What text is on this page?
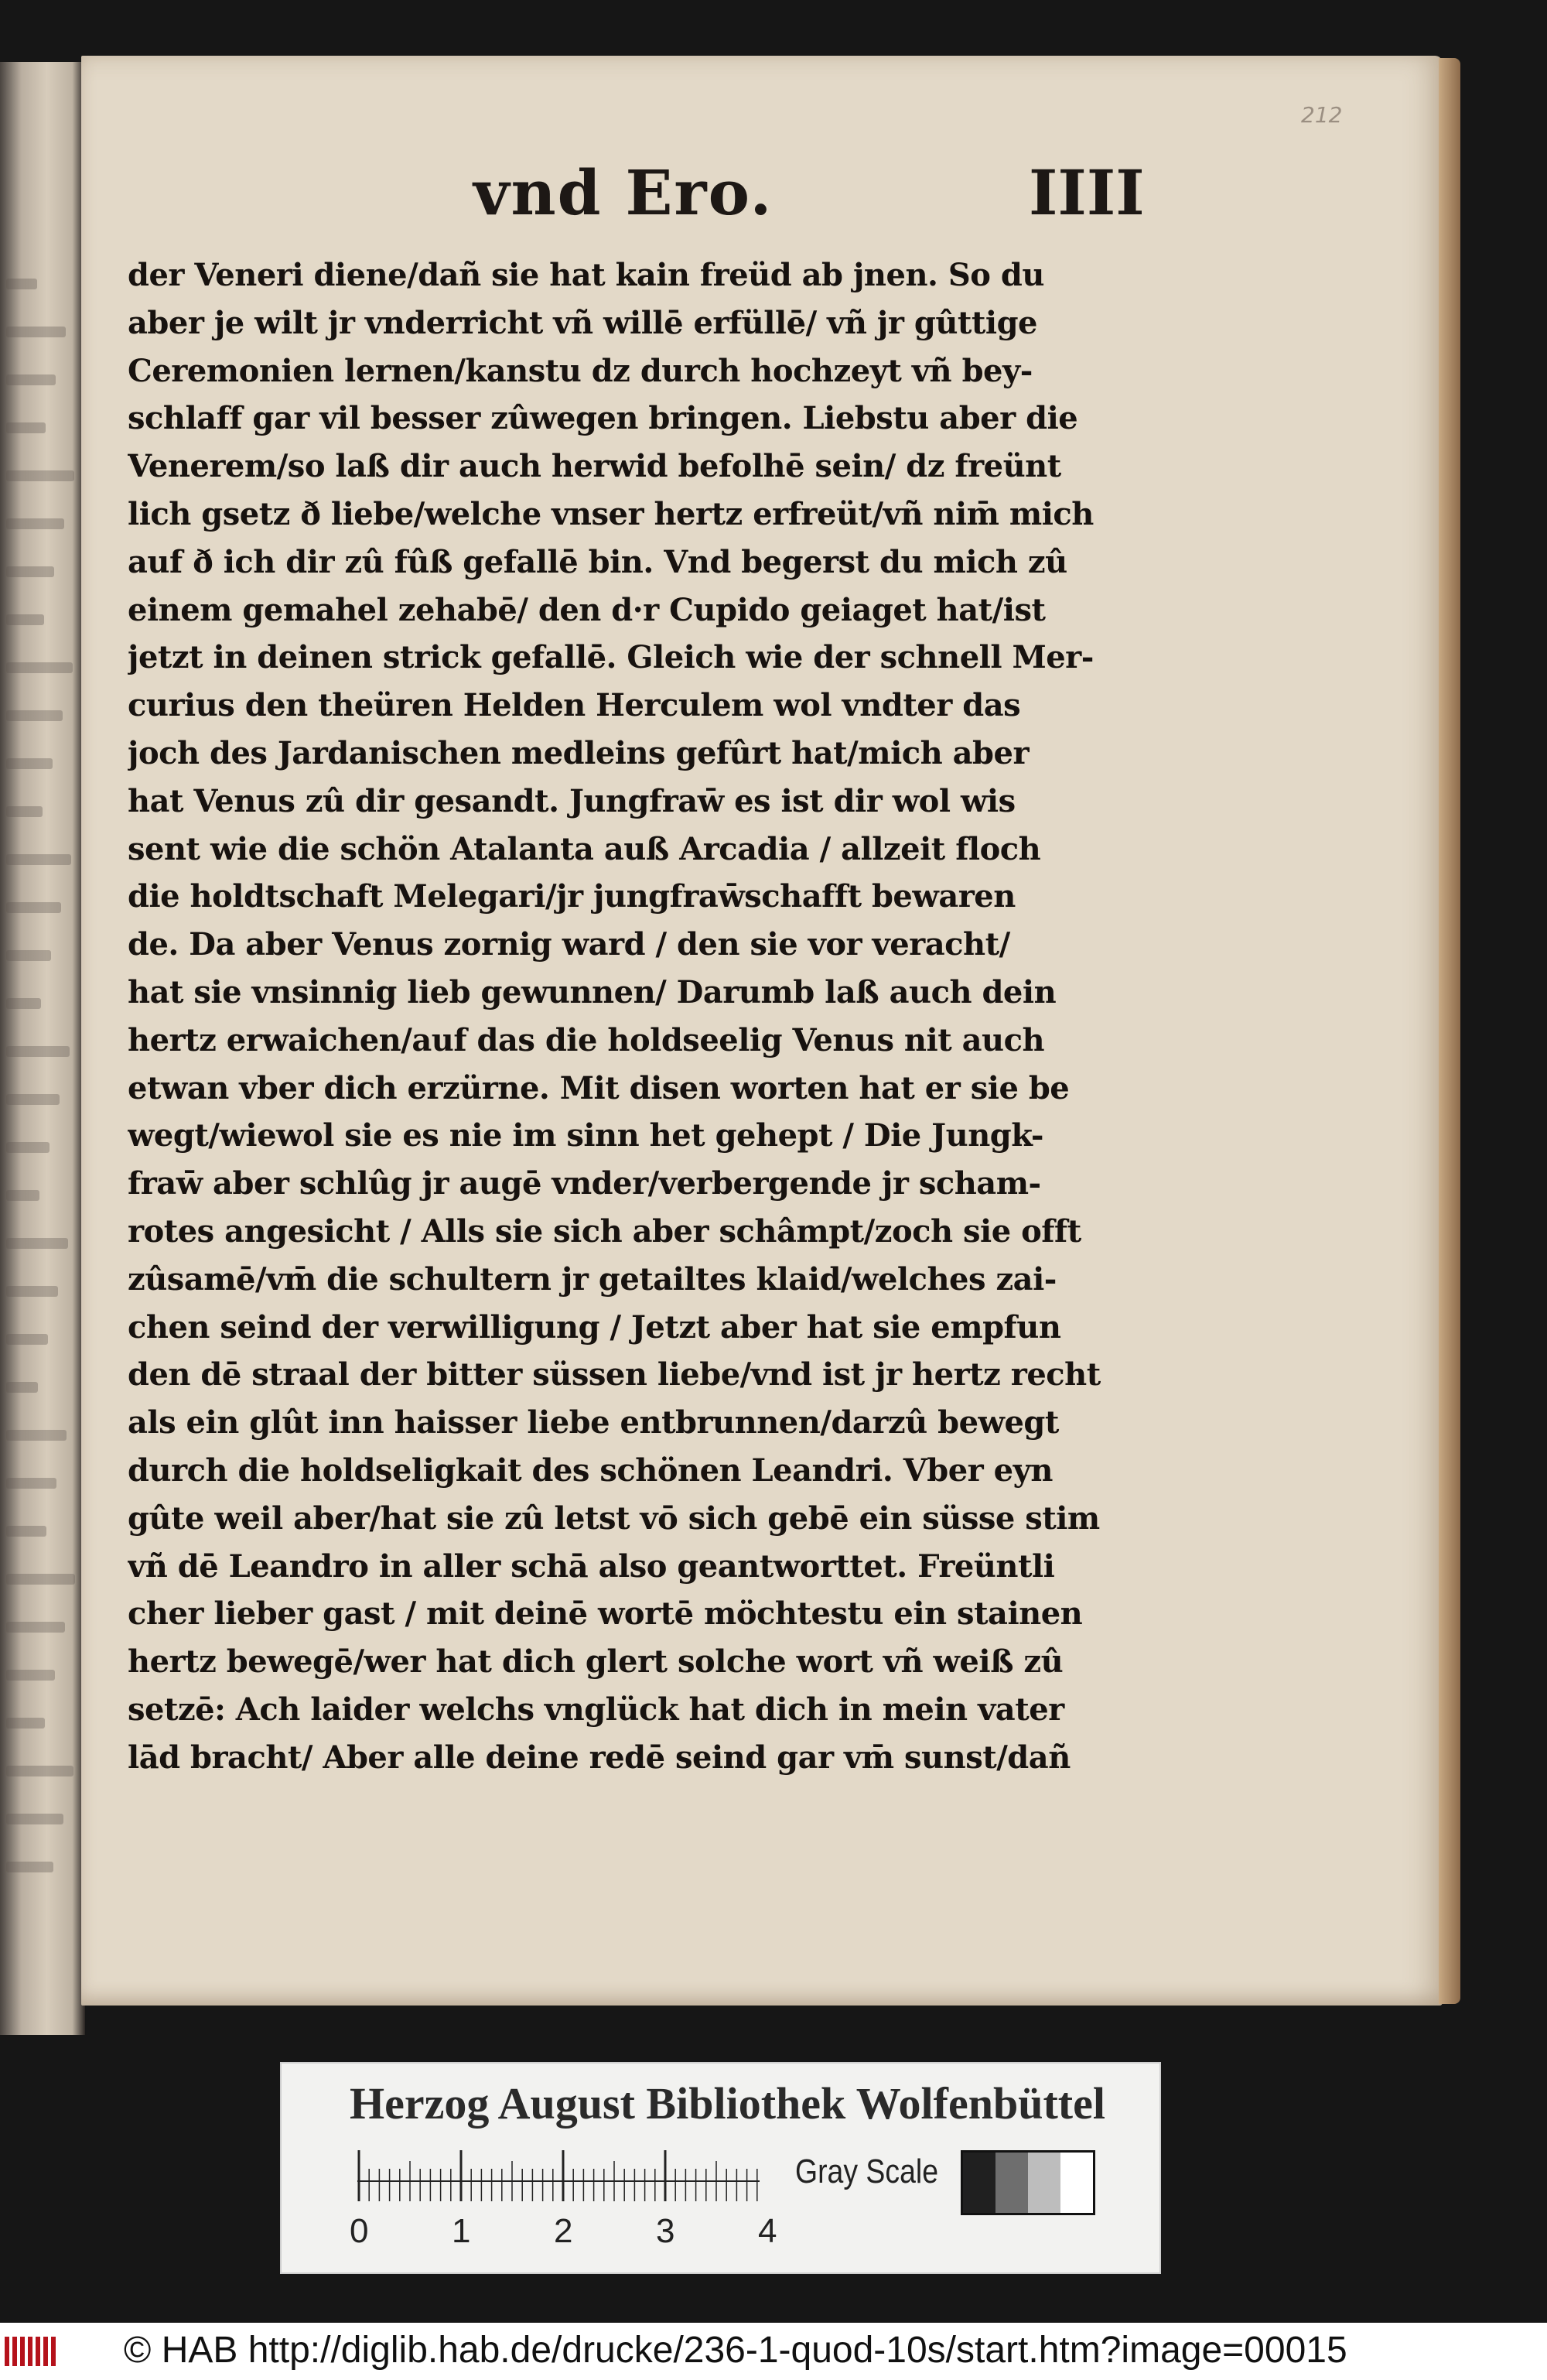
212
vnd Ero.	IIII
der Veneri diene/dañ sie hat kain freüd ab jnen. So du
aber je wilt jr vnderricht vñ willē erfüllē/ vñ jr gûttige
Ceremonien lernen/kanstu dz durch hochzeyt vñ bey-
schlaff gar vil besser zûwegen bringen. Liebstu aber die
Venerem/so laß dir auch herwid befolhē sein/ dz freünt
lich gsetz ð liebe/welche vnser hertz erfreüt/vñ nim̄ mich
auf ð ich dir zû fûß gefallē bin. Vnd begerst du mich zû
einem gemahel zehabē/ den d·r Cupido geiaget hat/ist
jetzt in deinen strick gefallē. Gleich wie der schnell Mer-
curius den theüren Helden Herculem wol vndter das
joch des Jardanischen medleins gefûrt hat/mich aber
hat Venus zû dir gesandt. Jungfraw̄ es ist dir wol wis
sent wie die schön Atalanta auß Arcadia / allzeit floch
die holdtschaft Melegari/jr jungfraw̄schafft bewaren
de. Da aber Venus zornig ward / den sie vor veracht/
hat sie vnsinnig lieb gewunnen/ Darumb laß auch dein
hertz erwaichen/auf das die holdseelig Venus nit auch
etwan vber dich erzürne. Mit disen worten hat er sie be
wegt/wiewol sie es nie im sinn het gehept / Die Jungk-
fraw̄ aber schlûg jr augē vnder/verbergende jr scham-
rotes angesicht / Alls sie sich aber schâmpt/zoch sie offt
zûsamē/vm̄ die schultern jr getailtes klaid/welches zai-
chen seind der verwilligung / Jetzt aber hat sie empfun
den dē straal der bitter süssen liebe/vnd ist jr hertz recht
als ein glût inn haisser liebe entbrunnen/darzû bewegt
durch die holdseligkait des schönen Leandri. Vber eyn
gûte weil aber/hat sie zû letst vō sich gebē ein süsse stim
vñ dē Leandro in aller schā also geantworttet. Freüntli
cher lieber gast / mit deinē wortē möchtestu ein stainen
hertz bewegē/wer hat dich glert solche wort vñ weiß zû
setzē: Ach laider welchs vnglück hat dich in mein vater
lād bracht/ Aber alle deine redē seind gar vm̄ sunst/dañ
Herzog August Bibliothek Wolfenbüttel
0 1 2 3 4
Gray Scale
© HAB http://diglib.hab.de/drucke/236-1-quod-10s/start.htm?image=00015
